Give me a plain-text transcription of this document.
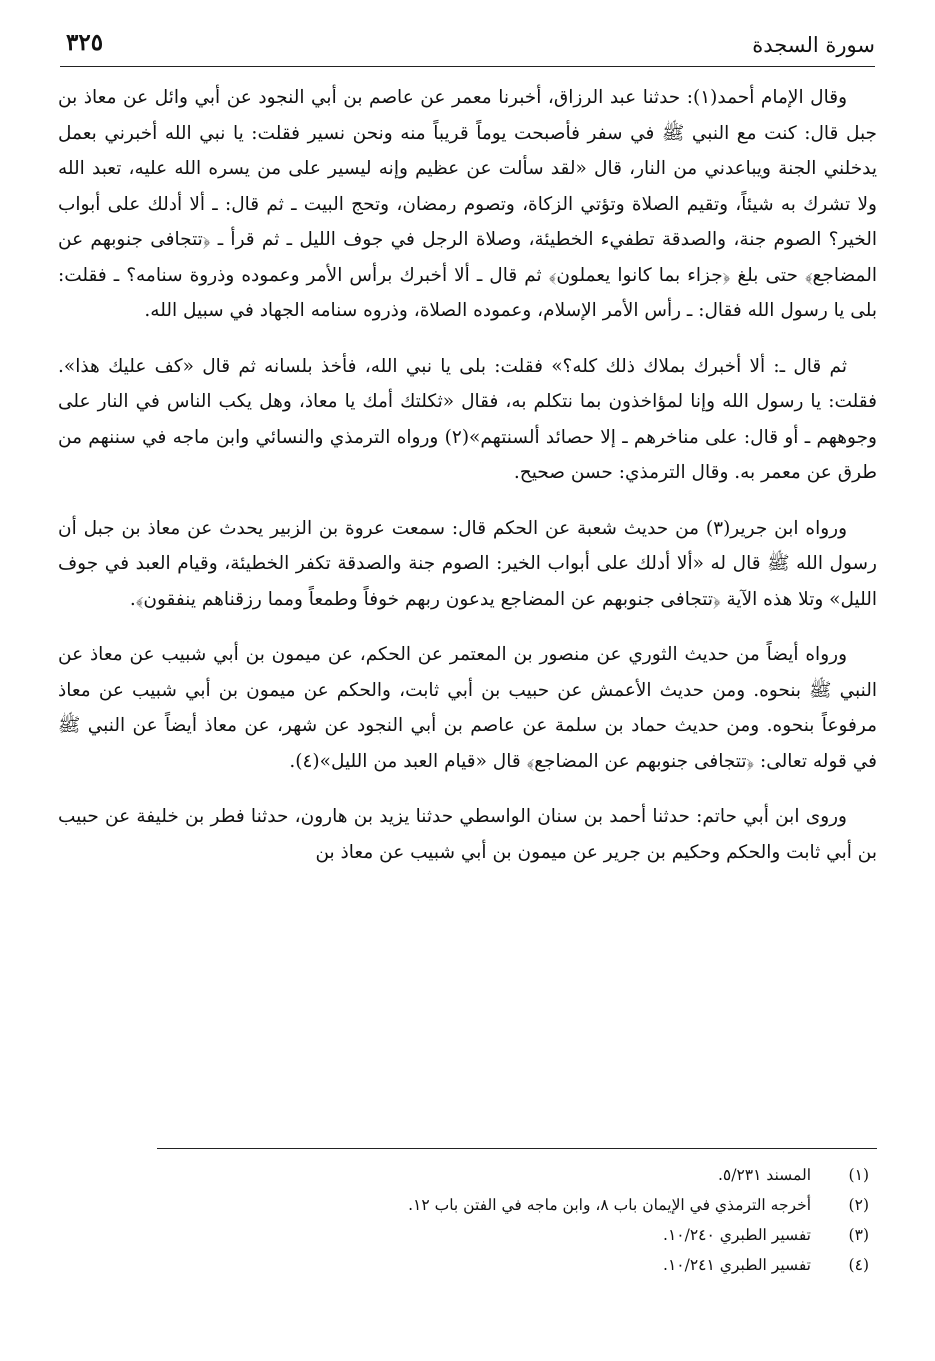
سورة السجدة
٣٢٥

وقال الإمام أحمد(١): حدثنا عبد الرزاق، أخبرنا معمر عن عاصم بن أبي النجود عن أبي وائل عن معاذ بن جبل قال: كنت مع النبي ﷺ في سفر فأصبحت يوماً قريباً منه ونحن نسير فقلت: يا نبي الله أخبرني بعمل يدخلني الجنة ويباعدني من النار، قال «لقد سألت عن عظيم وإنه ليسير على من يسره الله عليه، تعبد الله ولا تشرك به شيئاً، وتقيم الصلاة وتؤتي الزكاة، وتصوم رمضان، وتحج البيت ـ ثم قال: ـ ألا أدلك على أبواب الخير؟ الصوم جنة، والصدقة تطفيء الخطيئة، وصلاة الرجل في جوف الليل ـ ثم قرأ ـ ﴿تتجافى جنوبهم عن المضاجع﴾ حتى بلغ ﴿جزاء بما كانوا يعملون﴾ ثم قال ـ ألا أخبرك برأس الأمر وعموده وذروة سنامه؟ ـ فقلت: بلى يا رسول الله فقال: ـ رأس الأمر الإسلام، وعموده الصلاة، وذروه سنامه الجهاد في سبيل الله.

ثم قال ـ: ألا أخبرك بملاك ذلك كله؟» فقلت: بلى يا نبي الله، فأخذ بلسانه ثم قال «كف عليك هذا». فقلت: يا رسول الله وإنا لمؤاخذون بما نتكلم به، فقال «ثكلتك أمك يا معاذ، وهل يكب الناس في النار على وجوههم ـ أو قال: على مناخرهم ـ إلا حصائد ألسنتهم»(٢) ورواه الترمذي والنسائي وابن ماجه في سننهم من طرق عن معمر به. وقال الترمذي: حسن صحيح.

ورواه ابن جرير(٣) من حديث شعبة عن الحكم قال: سمعت عروة بن الزبير يحدث عن معاذ بن جبل أن رسول الله ﷺ قال له «ألا أدلك على أبواب الخير: الصوم جنة والصدقة تكفر الخطيئة، وقيام العبد في جوف الليل» وتلا هذه الآية ﴿تتجافى جنوبهم عن المضاجع يدعون ربهم خوفاً وطمعاً ومما رزقناهم ينفقون﴾.

ورواه أيضاً من حديث الثوري عن منصور بن المعتمر عن الحكم، عن ميمون بن أبي شبيب عن معاذ عن النبي ﷺ بنحوه. ومن حديث الأعمش عن حبيب بن أبي ثابت، والحكم عن ميمون بن أبي شبيب عن معاذ مرفوعاً بنحوه. ومن حديث حماد بن سلمة عن عاصم بن أبي النجود عن شهر، عن معاذ أيضاً عن النبي ﷺ في قوله تعالى: ﴿تتجافى جنوبهم عن المضاجع﴾ قال «قيام العبد من الليل»(٤).

وروى ابن أبي حاتم: حدثنا أحمد بن سنان الواسطي حدثنا يزيد بن هارون، حدثنا فطر بن خليفة عن حبيب بن أبي ثابت والحكم وحكيم بن جرير عن ميمون بن أبي شبيب عن معاذ بن

(١)
المسند ٥/٢٣١.
(٢)
أخرجه الترمذي في الإيمان باب ٨، وابن ماجه في الفتن باب ١٢.
(٣)
تفسير الطبري ١٠/٢٤٠.
(٤)
تفسير الطبري ١٠/٢٤١.
